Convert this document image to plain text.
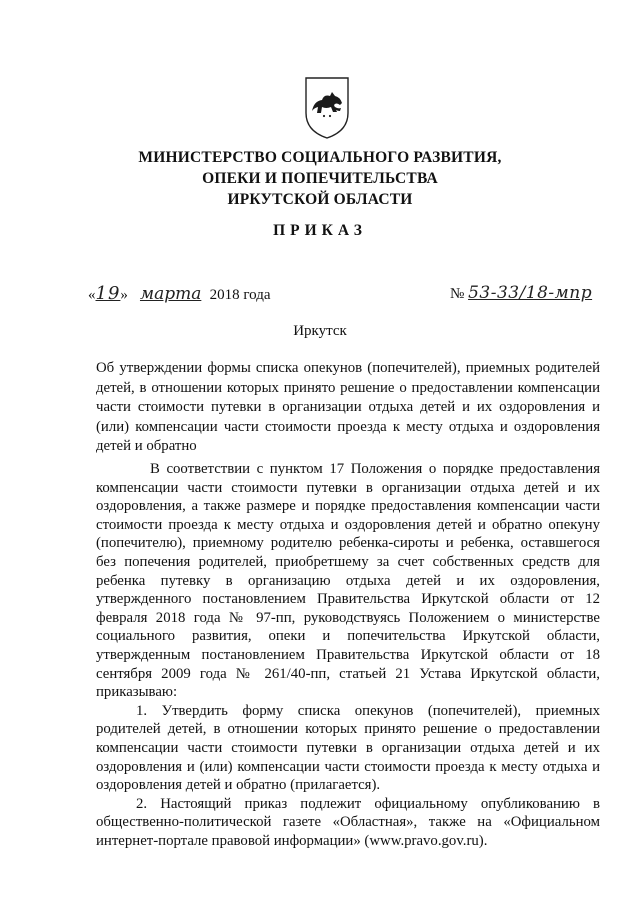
МИНИСТЕРСТВО СОЦИАЛЬНОГО РАЗВИТИЯ,
ОПЕКИ И ПОПЕЧИТЕЛЬСТВА
ИРКУТСКОЙ ОБЛАСТИ
ПРИКАЗ
«19» марта 2018 года	№ 53-33/18-мпр
Иркутск
Об утверждении формы списка опекунов (попечителей), приемных родителей детей, в отношении которых принято решение о предоставлении компенсации части стоимости путевки в организации отдыха детей и их оздоровления и (или) компенсации части стоимости проезда к месту отдыха и оздоровления детей и обратно

В соответствии с пунктом 17 Положения о порядке предоставления компенсации части стоимости путевки в организации отдыха детей и их оздоровления, а также размере и порядке предоставления компенсации части стоимости проезда к месту отдыха и оздоровления детей и обратно опекуну (попечителю), приемному родителю ребенка-сироты и ребенка, оставшегося без попечения родителей, приобретшему за счет собственных средств для ребенка путевку в организацию отдыха детей и их оздоровления, утвержденного постановлением Правительства Иркутской области от 12 февраля 2018 года № 97-пп, руководствуясь Положением о министерстве социального развития, опеки и попечительства Иркутской области, утвержденным постановлением Правительства Иркутской области от 18 сентября 2009 года № 261/40-пп, статьей 21 Устава Иркутской области, приказываю:

1. Утвердить форму списка опекунов (попечителей), приемных родителей детей, в отношении которых принято решение о предоставлении компенсации части стоимости путевки в организации отдыха детей и их оздоровления и (или) компенсации части стоимости проезда к месту отдыха и оздоровления детей и обратно (прилагается).

2. Настоящий приказ подлежит официальному опубликованию в общественно-политической газете «Областная», также на «Официальном интернет-портале правовой информации» (www.pravo.gov.ru).
